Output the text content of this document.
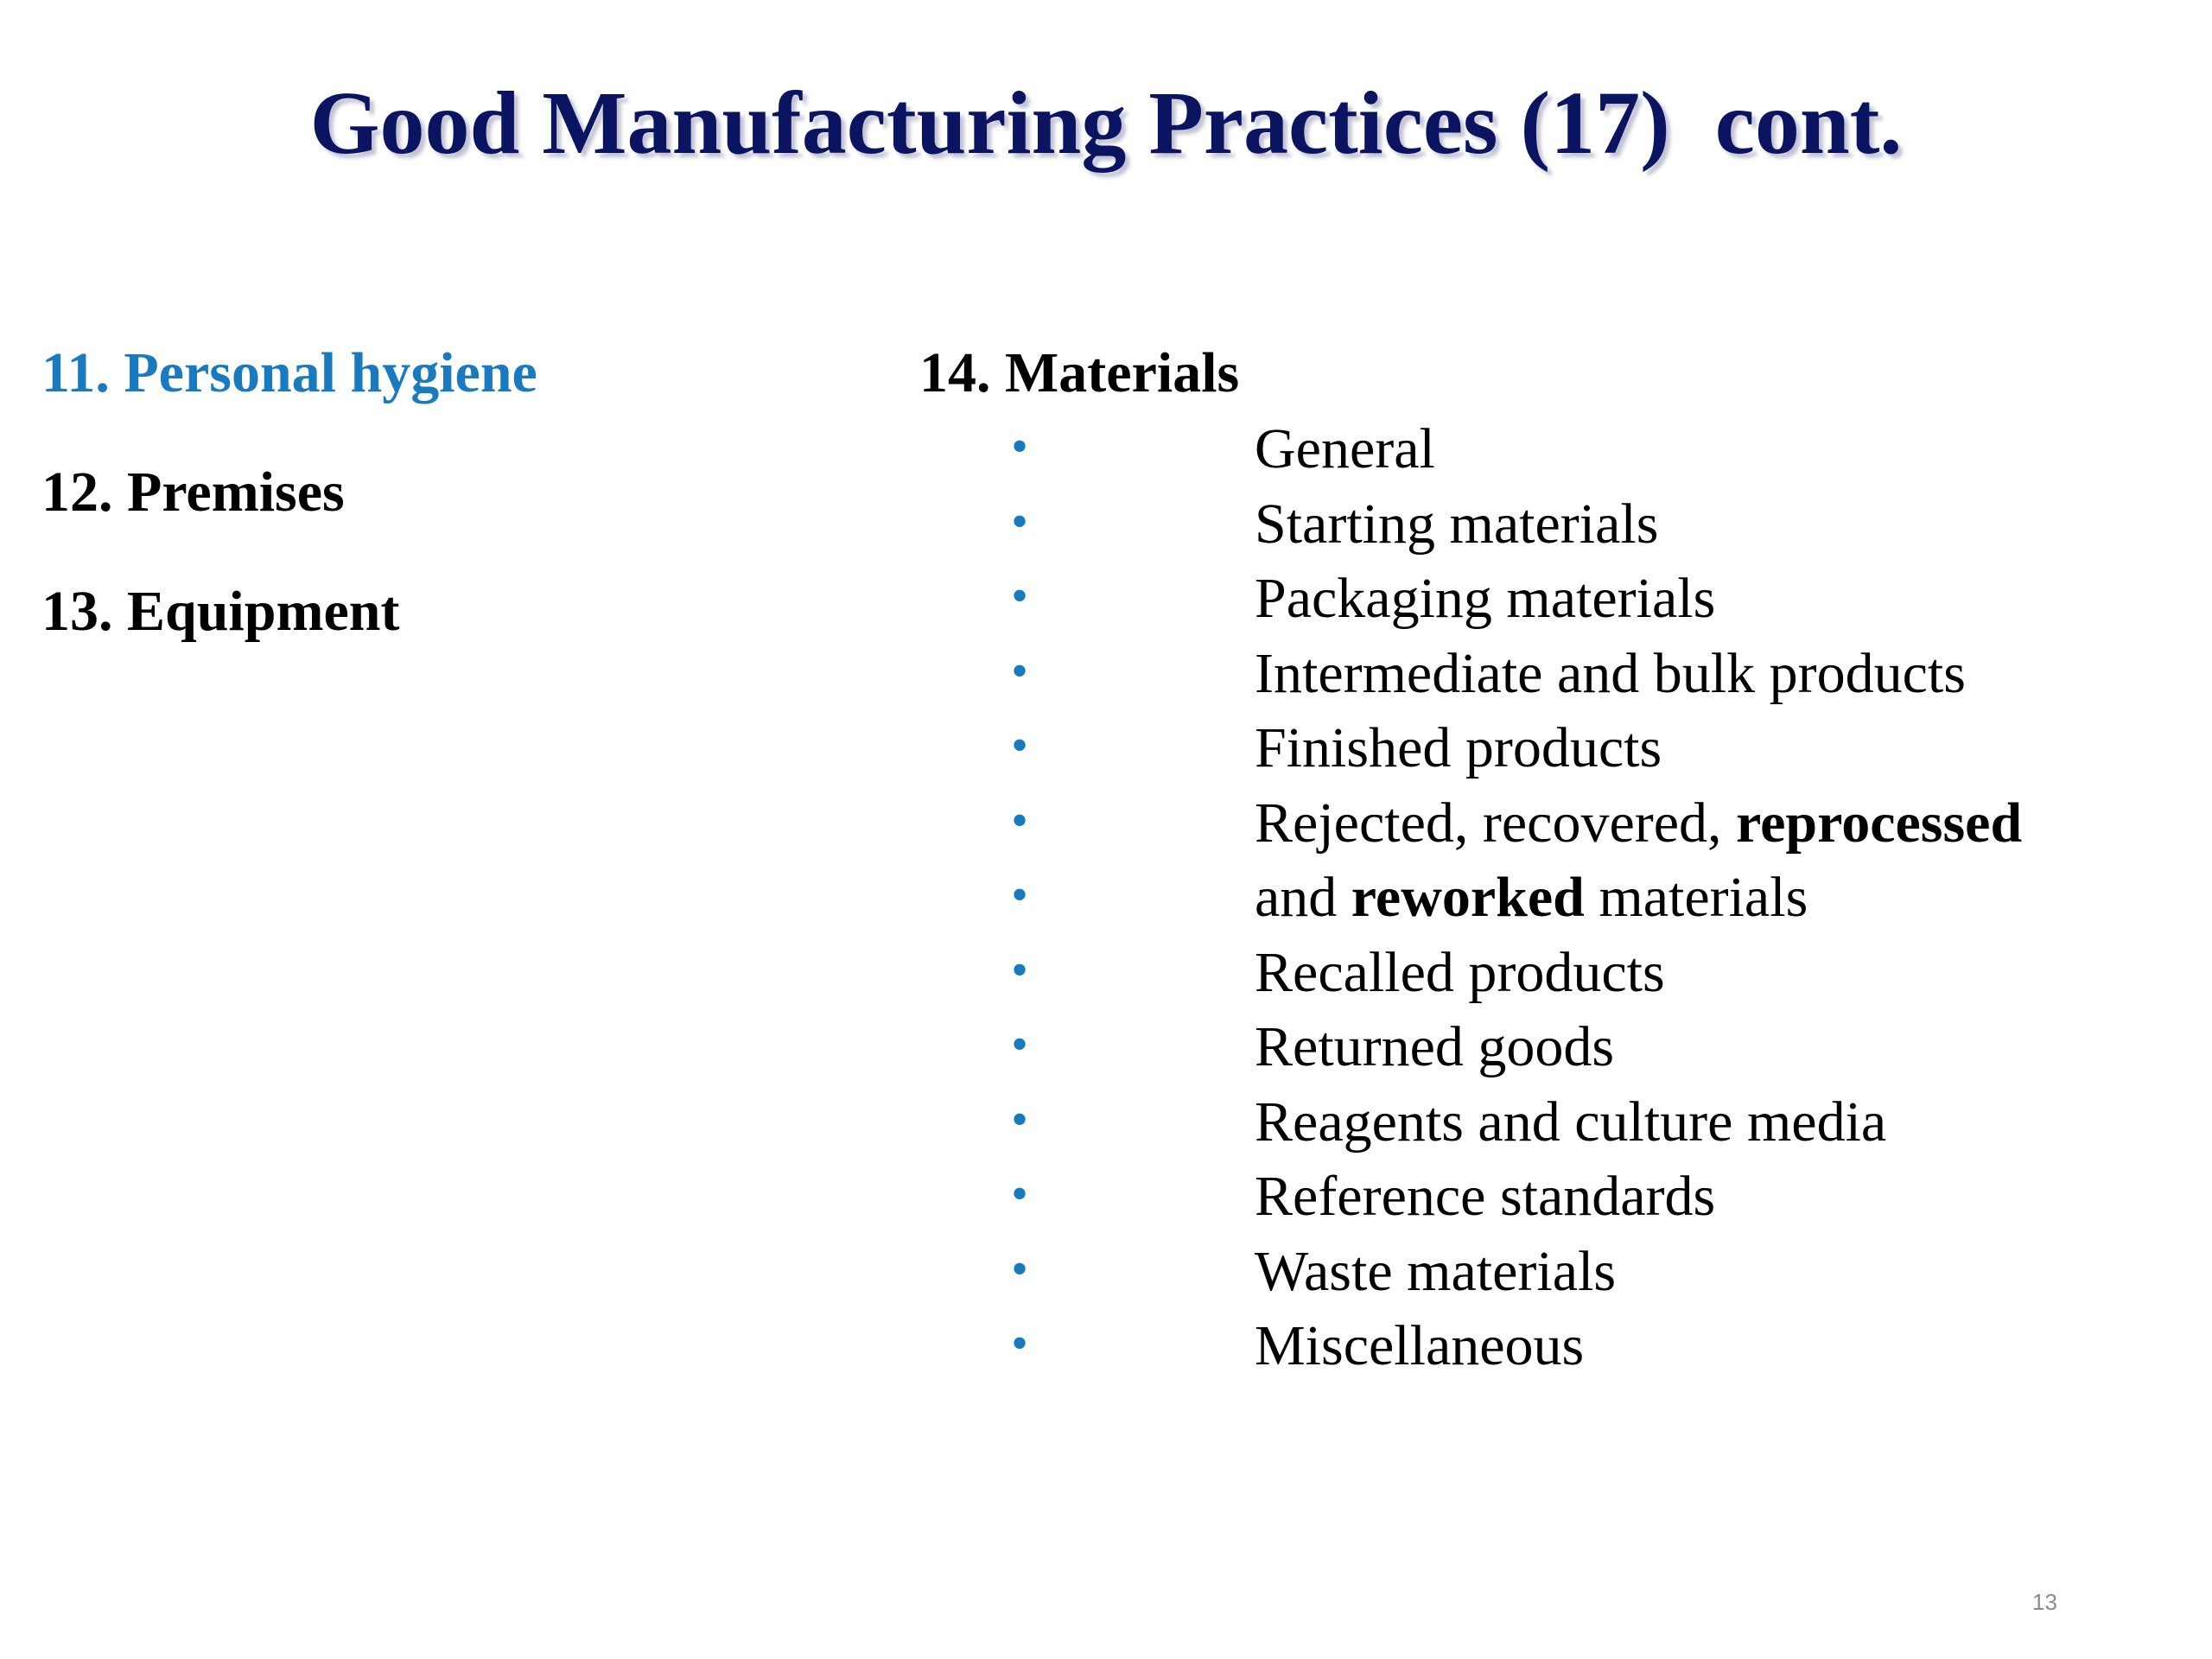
Good Manufacturing Practices (17)  cont.
11. Personal hygiene
12. Premises
13. Equipment
14. Materials
•	General
•	Starting materials
•	Packaging materials
•	Intermediate and bulk products
•	Finished products
•	Rejected, recovered, reprocessed
•	and reworked materials
•	Recalled products
•	Returned goods
•	Reagents and culture media
•	Reference standards
•	Waste materials
•	Miscellaneous
13
